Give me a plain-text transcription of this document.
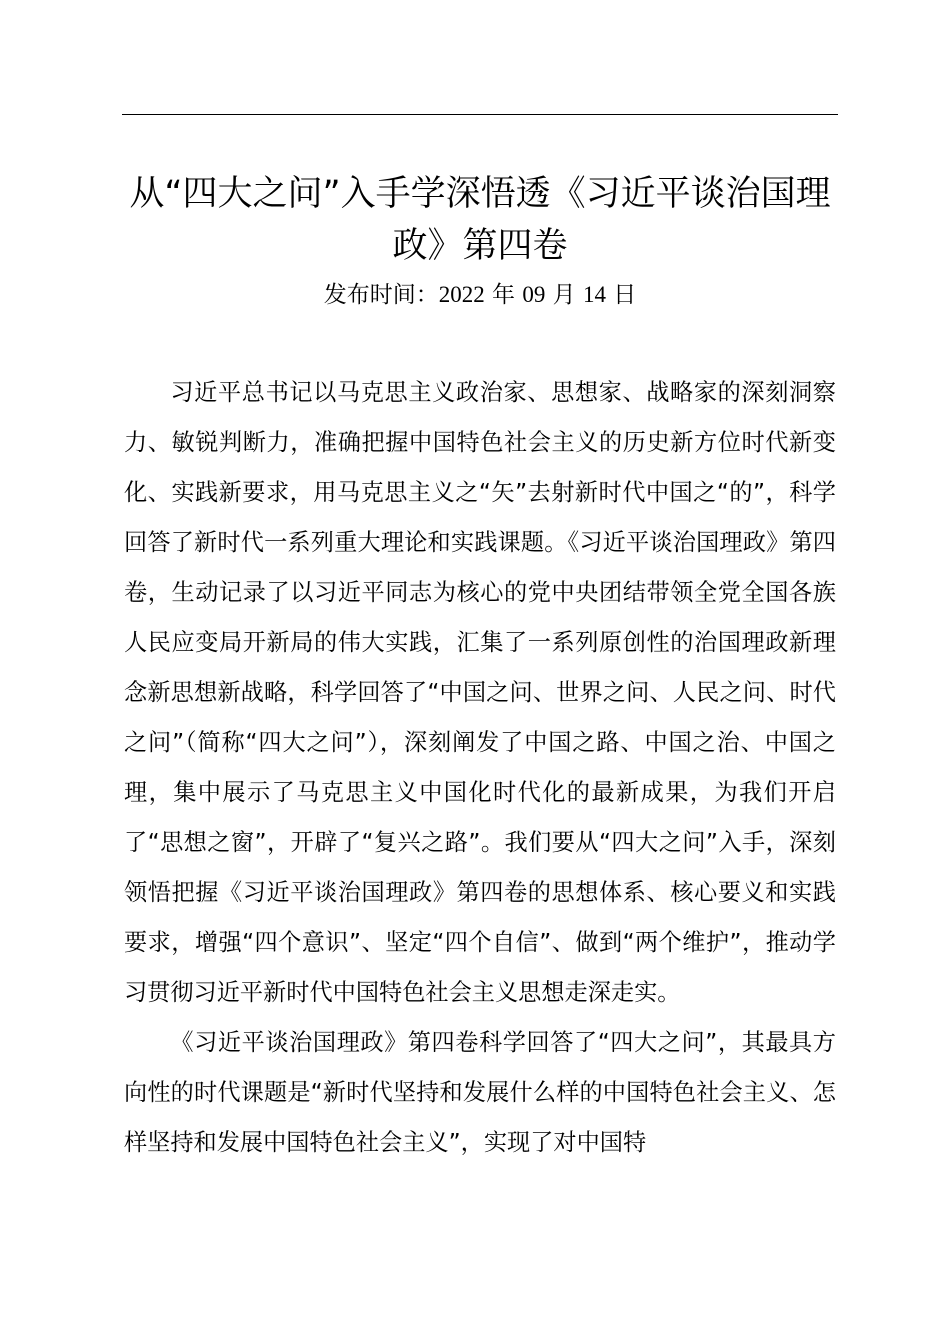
从“四大之问”入手学深悟透《习近平谈治国理政》第四卷
发布时间：2022 年 09 月 14 日

习近平总书记以马克思主义政治家、思想家、战略家的深刻洞察力、敏锐判断力，准确把握中国特色社会主义的历史新方位时代新变化、实践新要求，用马克思主义之“矢”去射新时代中国之“的”，科学回答了新时代一系列重大理论和实践课题。《习近平谈治国理政》第四卷，生动记录了以习近平同志为核心的党中央团结带领全党全国各族人民应变局开新局的伟大实践，汇集了一系列原创性的治国理政新理念新思想新战略，科学回答了“中国之问、世界之问、人民之问、时代之问”（简称“四大之问”），深刻阐发了中国之路、中国之治、中国之理，集中展示了马克思主义中国化时代化的最新成果，为我们开启了“思想之窗”，开辟了“复兴之路”。我们要从“四大之问”入手，深刻领悟把握《习近平谈治国理政》第四卷的思想体系、核心要义和实践要求，增强“四个意识”、坚定“四个自信”、做到“两个维护”，推动学习贯彻习近平新时代中国特色社会主义思想走深走实。

《习近平谈治国理政》第四卷科学回答了“四大之问”，其最具方向性的时代课题是“新时代坚持和发展什么样的中国特色社会主义、怎样坚持和发展中国特色社会主义”，实现了对中国特
